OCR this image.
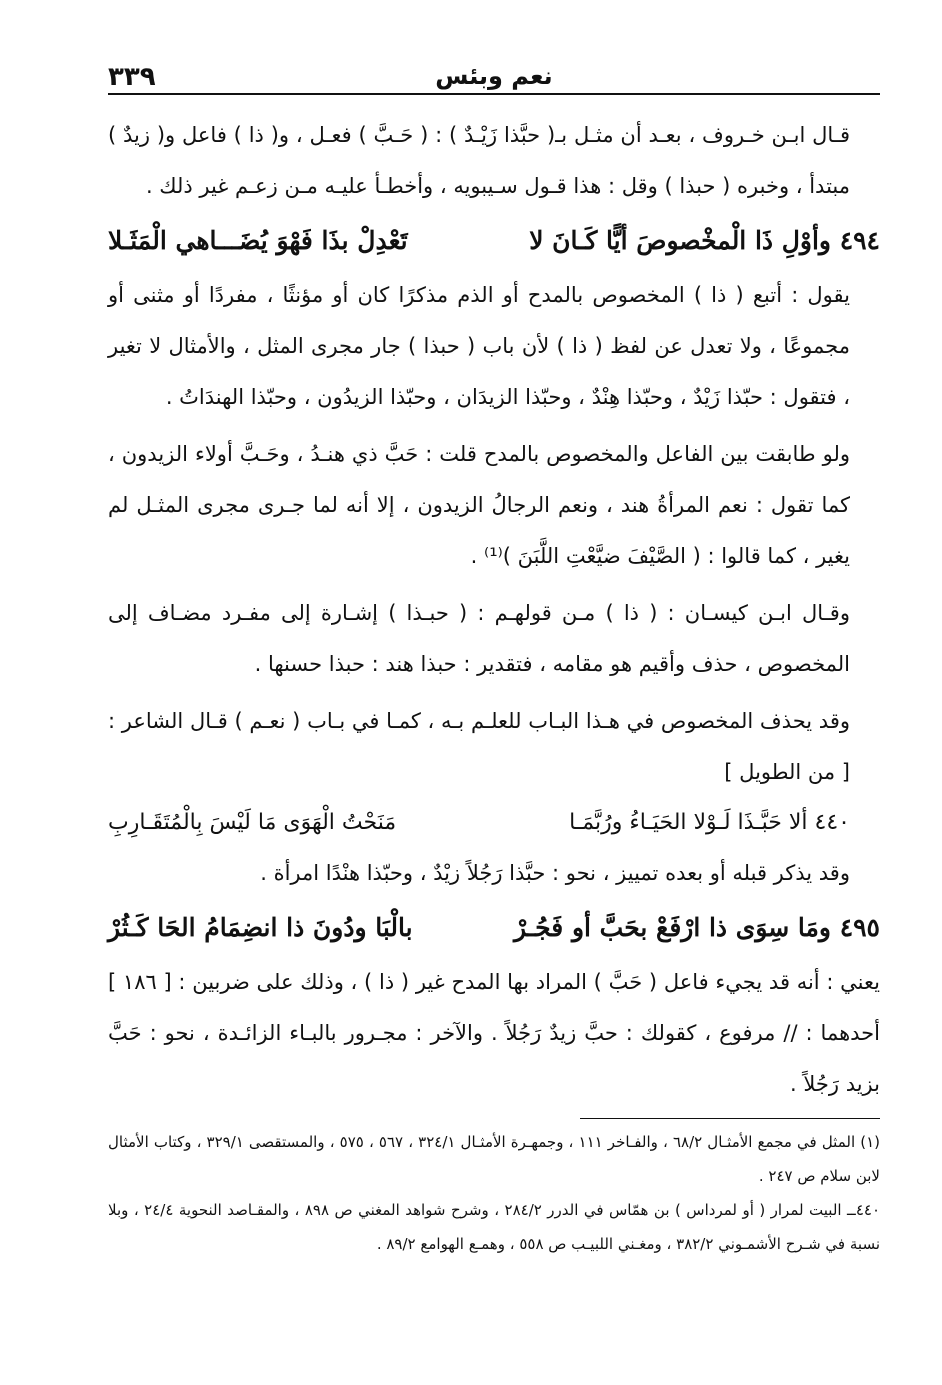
٣٣٩	نعم وبئس

قـال ابـن خـروف ، بعـد أن مثـل بـ( حبَّذا زَيْـدٌ ) : ( حَـبَّ ) فعـل ، و( ذا ) فاعل و( زيدٌ ) مبتدأ ، وخبره ( حبذا ) وقل : هذا قـول سـيبويه ، وأخطـأ عليـه مـن زعـم غير ذلك .

٤٩٤ وأوْلِ ذَا الْمخْصوصَ أيًّا كَـانَ لا
تَعْدِلْ بذَا فَهْوَ يُضَـــاهي الْمَثَـلا

يقول : أتبع ( ذا ) المخصوص بالمدح أو الذم مذكرًا كان أو مؤنثًا ، مفردًا أو مثنى أو مجموعًا ، ولا تعدل عن لفظ ( ذا ) لأن باب ( حبذا ) جار مجرى المثل ، والأمثال لا تغير ، فتقول : حبّذا زَيْدٌ ، وحبّذا هِنْدٌ ، وحبّذا الزيدَان ، وحبّذا الزيدُون ، وحبّذا الهندَاتُ .

ولو طابقت بين الفاعل والمخصوص بالمدح قلت : حَبَّ ذي هنـدُ ، وحَـبَّ أولاء الزيدون ، كما تقول : نعم المرأةُ هند ، ونعم الرجالُ الزيدون ، إلا أنه لما جـرى مجرى المثـل لم يغير ، كما قالوا : ( الصَّيْفَ ضيَّعْتِ اللَّبَنَ )⁽¹⁾ .

وقـال ابـن كيسـان : ( ذا ) مـن قولهـم : ( حبـذا ) إشـارة إلى مفـرد مضـاف إلى المخصوص ، حذف وأقيم هو مقامه ، فتقدير : حبذا هند : حبذا حسنها .

وقد يحذف المخصوص في هـذا البـاب للعلـم بـه ، كمـا في بـاب ( نعـم ) قـال الشاعر : [ من الطويل ]

٤٤٠ ألا حَبَّـذَا لَـوْلا الحَيَـاءُ ورُبَّمَـا
مَنَحْتُ الْهَوَى مَا لَيْسَ بِالْمُتَقَـارِبِ

وقد يذكر قبله أو بعده تمييز ، نحو : حبَّذا رَجُلاً زيْدٌ ، وحبّذا هنْدًا امرأة .

٤٩٥ ومَا سِوَى ذا ارْفَعْ بحَبَّ أو فَجُـرْ
بالْبَا ودُونَ ذا انضِمَامُ الحَا كَـثُرْ

يعني : أنه قد يجيء فاعل ( حَبَّ ) المراد بها المدح غير ( ذا ) ، وذلك على ضربين : [ ١٨٦ ] أحدهما : // مرفوع ، كقولك : حبَّ زيدٌ رَجُلاً . والآخر : مجـرور بالبـاء الزائـدة ، نحو : حَبَّ بزيد رَجُلاً .

(١) المثل في مجمع الأمثـال ٦٨/٢ ، والفـاخر ١١١ ، وجمهـرة الأمثـال ٣٢٤/١ ، ٥٦٧ ، ٥٧٥ ، والمستقصى ٣٢٩/١ ، وكتاب الأمثال لابن سلام ص ٢٤٧ .

٤٤٠ــ البيت لمرار ( أو لمرداس ) بن همّاس في الدرر ٢٨٤/٢ ، وشرح شواهد المغني ص ٨٩٨ ، والمقـاصد النحوية ٢٤/٤ ، وبلا نسبة في شـرح الأشمـوني ٣٨٢/٢ ، ومغـني اللبيـب ص ٥٥٨ ، وهمـع الهوامع ٨٩/٢ .
